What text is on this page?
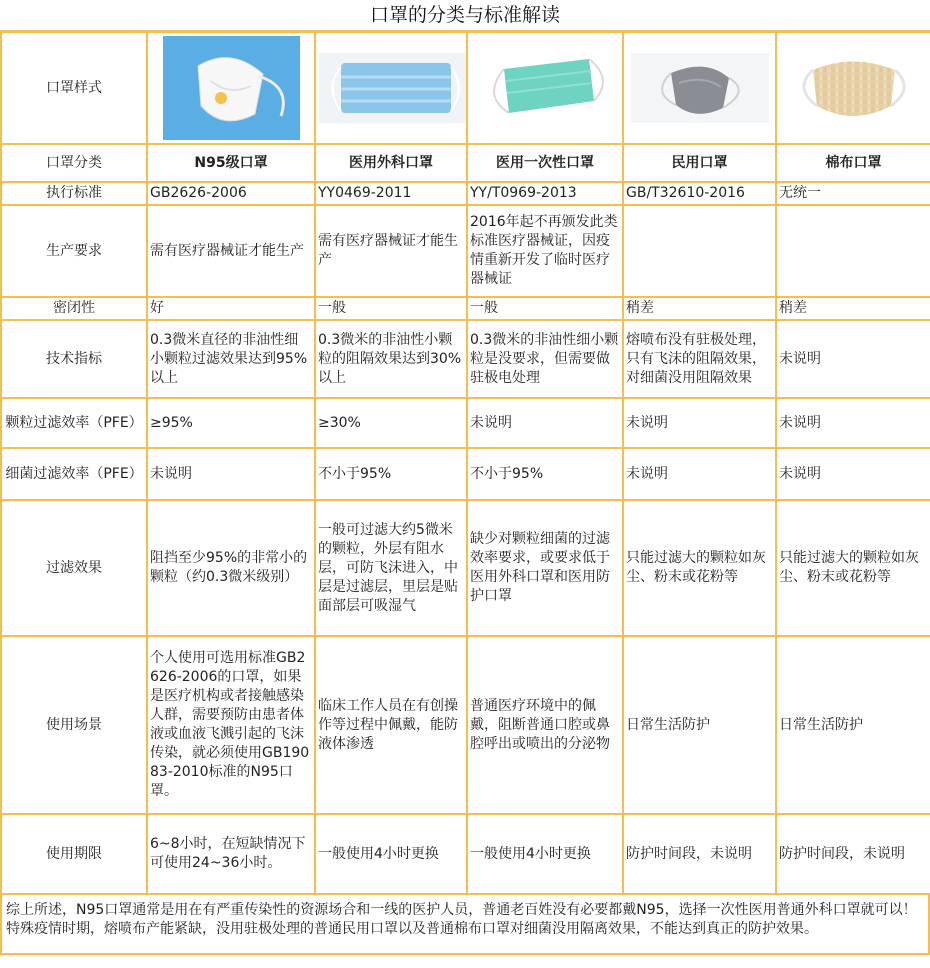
口罩的分类与标准解读
口罩样式	

口罩分类	N95级口罩	医用外科口罩	医用一次性口罩	民用口罩	棉布口罩
执行标准	GB2626-2006	YY0469-2011	YY/T0969-2013	GB/T32610-2016	无统一
生产要求	需有医疗器械证才能生产	需有医疗器械证才能生产	2016年起不再颁发此类标准医疗器械证，因疫情重新开发了临时医疗器械证		
密闭性	好	一般	一般	稍差	稍差
技术指标	0.3微米直径的非油性细小颗粒过滤效果达到95%以上	0.3微米的非油性小颗粒的阻隔效果达到30%以上	0.3微米的非油性细小颗粒是没要求，但需要做驻极电处理	熔喷布没有驻极处理，只有飞沫的阻隔效果，对细菌没用阻隔效果	未说明
颗粒过滤效率（PFE）	≥95%	≥30%	未说明	未说明	未说明
细菌过滤效率（PFE）	未说明	不小于95%	不小于95%	未说明	未说明
过滤效果	阻挡至少95%的非常小的颗粒（约0.3微米级别）	一般可过滤大约5微米的颗粒，外层有阻水层，可防飞沫进入，中层是过滤层，里层是贴面部层可吸湿气	缺少对颗粒细菌的过滤效率要求，或要求低于医用外科口罩和医用防护口罩	只能过滤大的颗粒如灰尘、粉末或花粉等	只能过滤大的颗粒如灰尘、粉末或花粉等
使用场景	个人使用可选用标准GB2626-2006的口罩，如果是医疗机构或者接触感染人群，需要预防由患者体液或血液飞溅引起的飞沫传染，就必须使用GB19083-2010标准的N95口罩。	临床工作人员在有创操作等过程中佩戴，能防液体渗透	普通医疗环境中的佩戴，阻断普通口腔或鼻腔呼出或喷出的分泌物	日常生活防护	日常生活防护
使用期限	6~8小时，在短缺情况下可使用24~36小时。	一般使用4小时更换	一般使用4小时更换	防护时间段，未说明	防护时间段，未说明
综上所述，N95口罩通常是用在有严重传染性的资源场合和一线的医护人员，普通老百姓没有必要都戴N95，选择一次性医用普通外科口罩就可以！特殊疫情时期，熔喷布产能紧缺，没用驻极处理的普通民用口罩以及普通棉布口罩对细菌没用隔离效果，不能达到真正的防护效果。
